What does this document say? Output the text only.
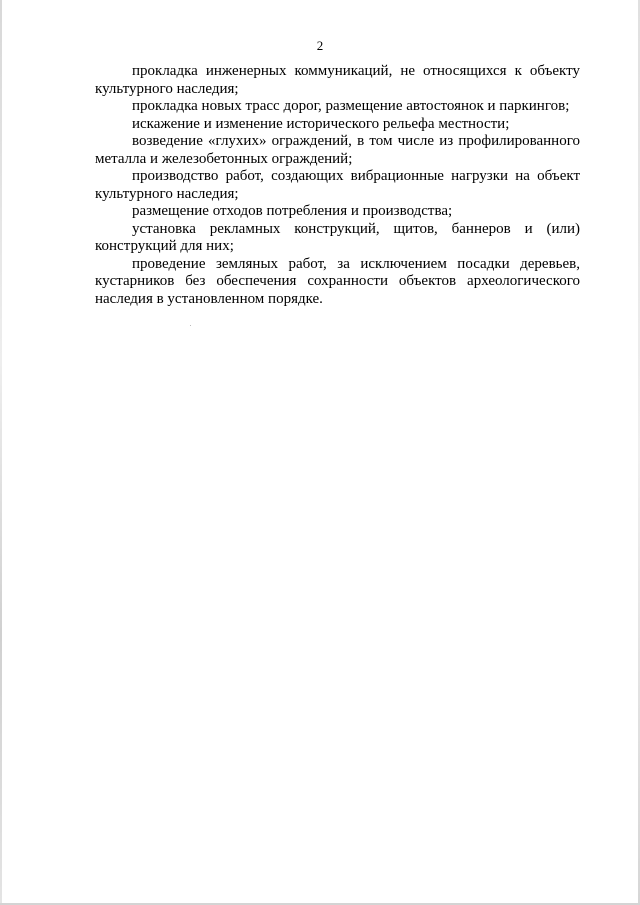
2

прокладка инженерных коммуникаций, не относящихся к объекту культурного наследия;

прокладка новых трасс дорог, размещение автостоянок и паркингов;

искажение и изменение исторического рельефа местности;

возведение «глухих» ограждений, в том числе из профилированного металла и железобетонных ограждений;

производство работ, создающих вибрационные нагрузки на объект культурного наследия;

размещение отходов потребления и производства;

установка рекламных конструкций, щитов, баннеров и (или) конструкций для них;

проведение земляных работ, за исключением посадки деревьев, кустарников без обеспечения сохранности объектов археологического наследия в установленном порядке.
